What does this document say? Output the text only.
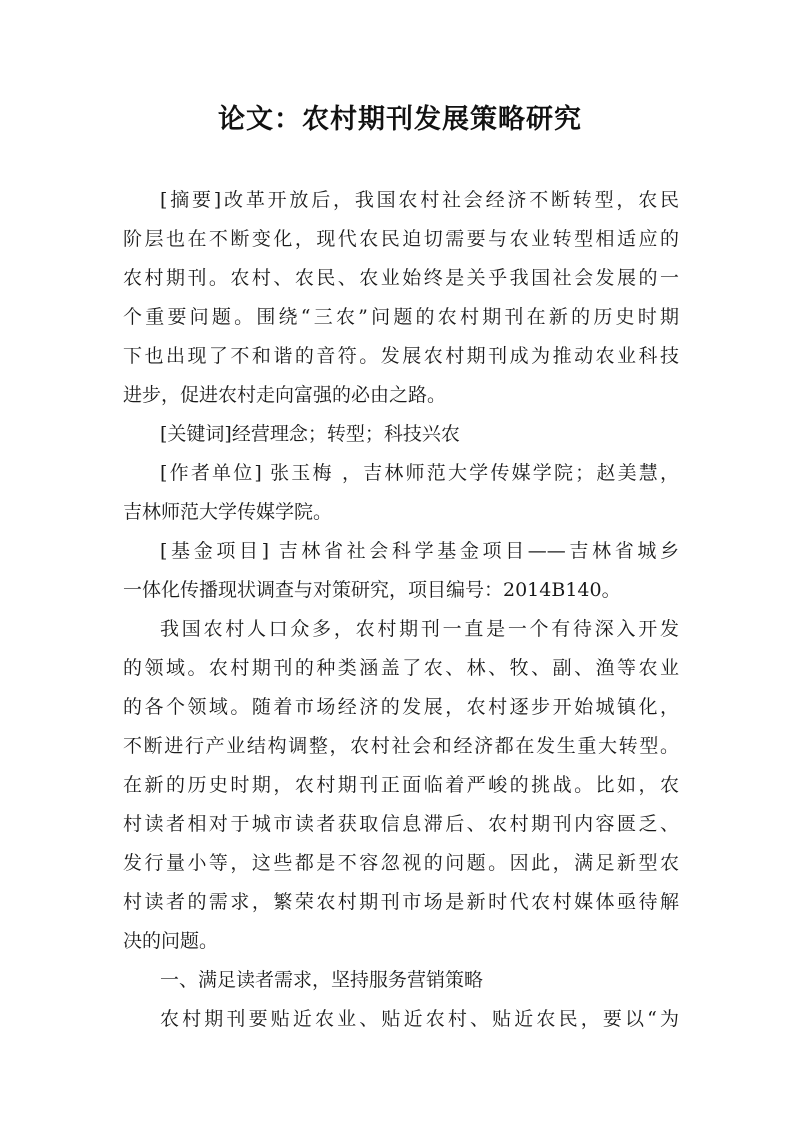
论文：农村期刊发展策略研究
[摘要]改革开放后，我国农村社会经济不断转型，农民
阶层也在不断变化，现代农民迫切需要与农业转型相适应的
农村期刊。农村、农民、农业始终是关乎我国社会发展的一
个重要问题。围绕“三农”问题的农村期刊在新的历史时期
下也出现了不和谐的音符。发展农村期刊成为推动农业科技
进步，促进农村走向富强的必由之路。
[关键词]经营理念；转型；科技兴农
[作者单位] 张玉梅 ，吉林师范大学传媒学院；赵美慧，
吉林师范大学传媒学院。
[基金项目] 吉林省社会科学基金项目——吉林省城乡
一体化传播现状调查与对策研究，项目编号：2014B140。
我国农村人口众多，农村期刊一直是一个有待深入开发
的领域。农村期刊的种类涵盖了农、林、牧、副、渔等农业
的各个领域。随着市场经济的发展，农村逐步开始城镇化，
不断进行产业结构调整，农村社会和经济都在发生重大转型。
在新的历史时期，农村期刊正面临着严峻的挑战。比如，农
村读者相对于城市读者获取信息滞后、农村期刊内容匮乏、
发行量小等，这些都是不容忽视的问题。因此，满足新型农
村读者的需求，繁荣农村期刊市场是新时代农村媒体亟待解
决的问题。
一、满足读者需求，坚持服务营销策略
农村期刊要贴近农业、贴近农村、贴近农民，要以“为
